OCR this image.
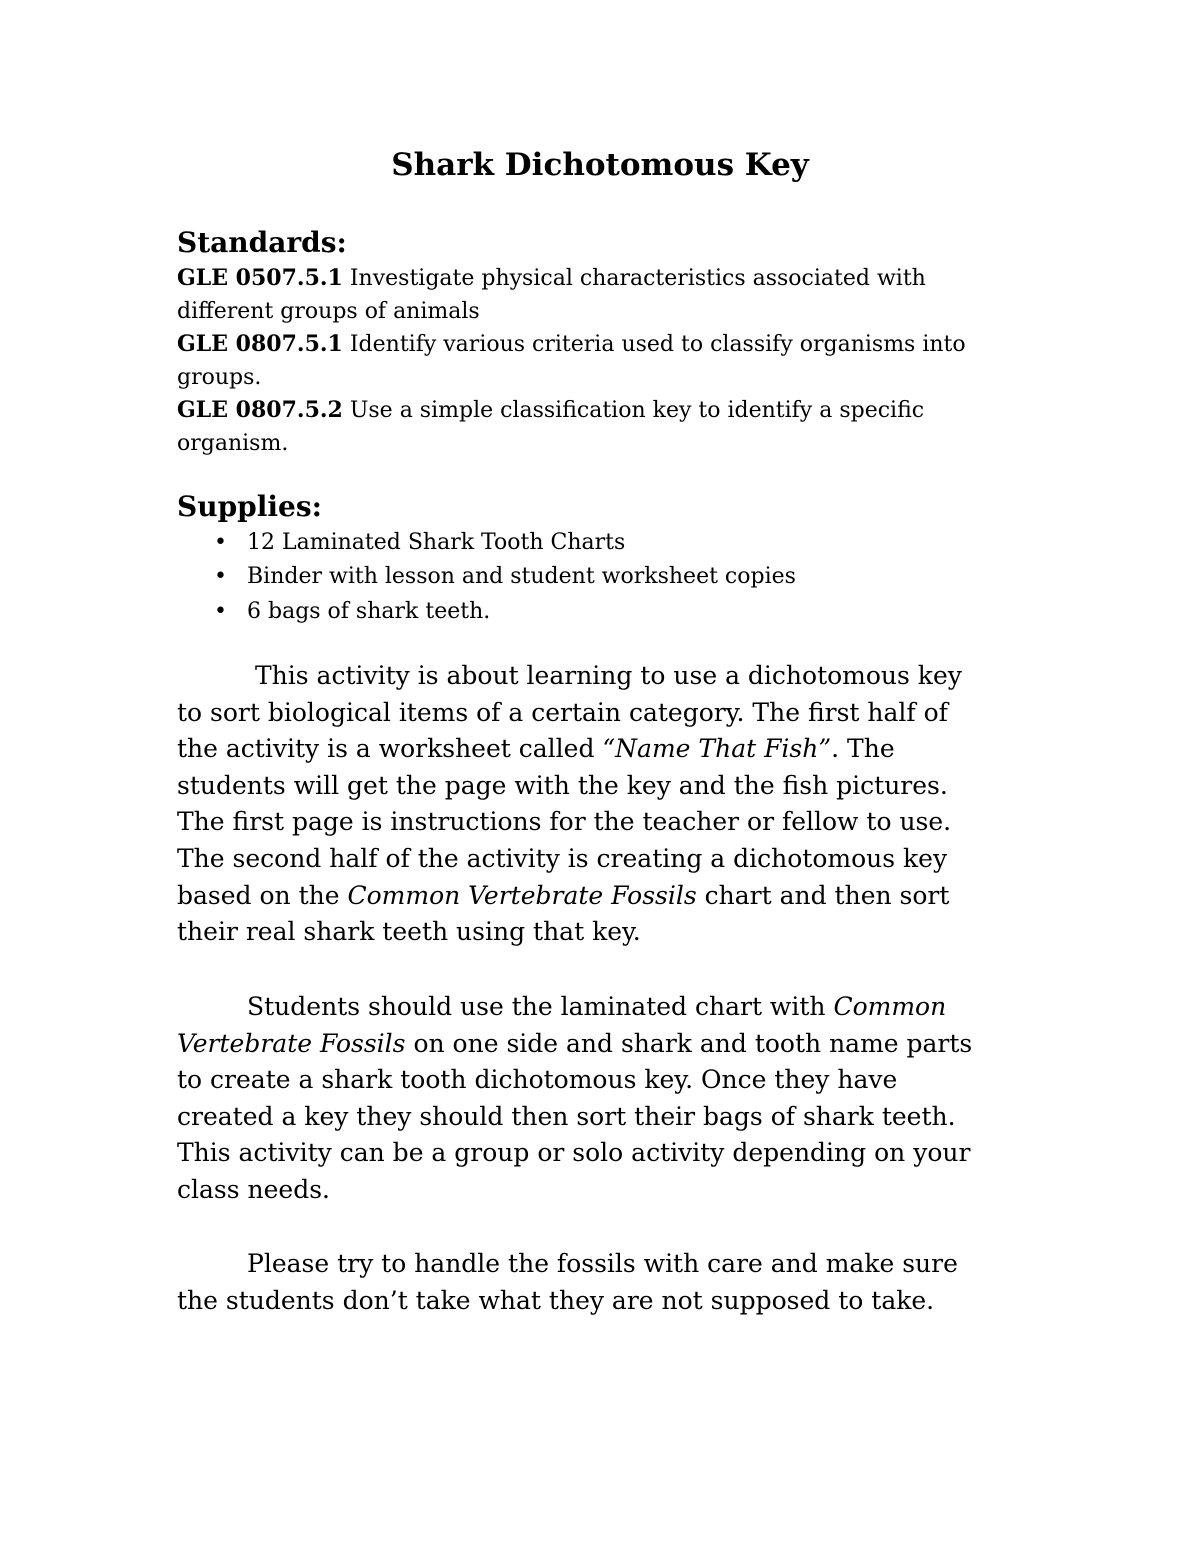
Shark Dichotomous Key
Standards:

GLE 0507.5.1 Investigate physical characteristics associated with
different groups of animals

GLE 0807.5.1 Identify various criteria used to classify organisms into
groups.

GLE 0807.5.2 Use a simple classification key to identify a specific
organism.

Supplies:
• 12 Laminated Shark Tooth Charts
• Binder with lesson and student worksheet copies
• 6 bags of shark teeth.
This activity is about learning to use a dichotomous key
to sort biological items of a certain category. The first half of
the activity is a worksheet called “Name That Fish”. The
students will get the page with the key and the fish pictures.
The first page is instructions for the teacher or fellow to use.
The second half of the activity is creating a dichotomous key
based on the Common Vertebrate Fossils chart and then sort
their real shark teeth using that key.
Students should use the laminated chart with Common
Vertebrate Fossils on one side and shark and tooth name parts
to create a shark tooth dichotomous key. Once they have
created a key they should then sort their bags of shark teeth.
This activity can be a group or solo activity depending on your
class needs.
Please try to handle the fossils with care and make sure
the students don’t take what they are not supposed to take.
